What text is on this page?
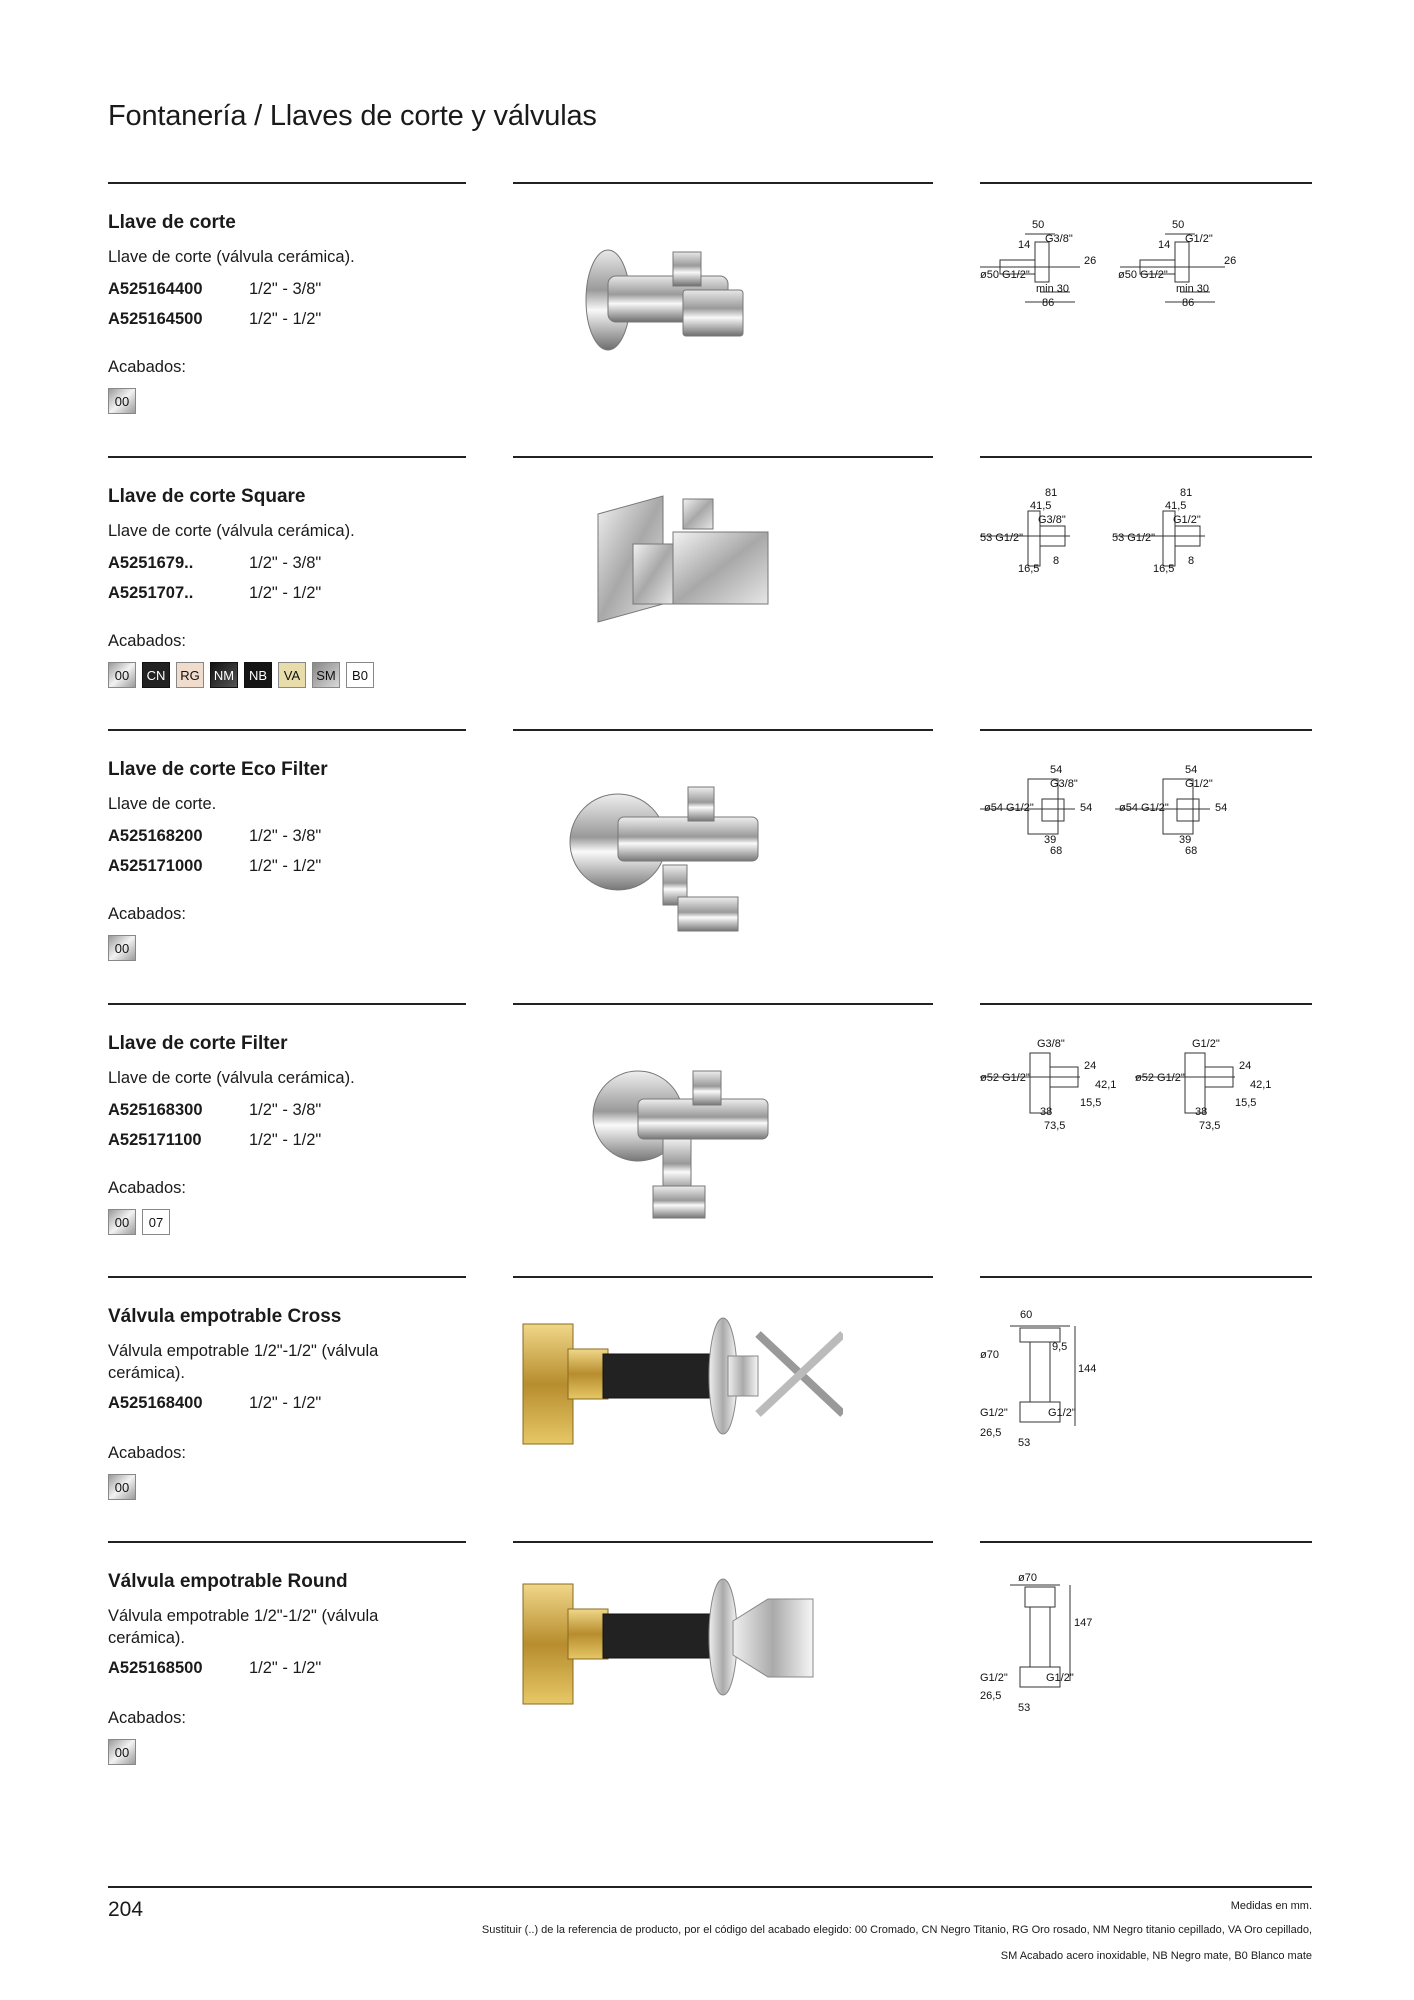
Fontanería / Llaves de corte y válvulas
Llave de corte
Llave de corte (válvula cerámica).
A525164400	1/2" - 3/8"
A525164500	1/2" - 1/2"
Acabados:
00
50
G3/8"
14
26
ø50 G1/2"
min 30
86
50
G1/2"
14
26
ø50 G1/2"
min 30
86
Llave de corte Square
Llave de corte (válvula cerámica).
A5251679..	1/2" - 3/8"
A5251707..	1/2" - 1/2"
Acabados:
00	CN	RG	NM	NB	VA	SM	B0
81
41,5
G3/8"
53 G1/2"
8
16,5
81
41,5
G1/2"
53 G1/2"
8
16,5
Llave de corte Eco Filter
Llave de corte.
A525168200	1/2" - 3/8"
A525171000	1/2" - 1/2"
Acabados:
00
54
G3/8"
ø54 G1/2"	54
39
68
54
G1/2"
ø54 G1/2"	54
39
68
Llave de corte Filter
Llave de corte (válvula cerámica).
A525168300	1/2" - 3/8"
A525171100	1/2" - 1/2"
Acabados:
00	07
G3/8"
24
ø52 G1/2"
42,1
15,5
38
73,5
G1/2"
24
ø52 G1/2"
42,1
15,5
38
73,5
Válvula empotrable Cross
Válvula empotrable 1/2"-1/2" (válvula cerámica).
A525168400	1/2" - 1/2"
Acabados:
00
60
9,5
ø70
144
G1/2"	G1/2"
26,5
53
Válvula empotrable Round
Válvula empotrable 1/2"-1/2" (válvula cerámica).
A525168500	1/2" - 1/2"
Acabados:
00
ø70
147
G1/2"	G1/2"
26,5
53
204	Medidas en mm.
Sustituir (..) de la referencia de producto, por el código del acabado elegido: 00 Cromado, CN Negro Titanio, RG Oro rosado, NM Negro titanio cepillado, VA Oro cepillado,
SM Acabado acero inoxidable, NB Negro mate, B0 Blanco mate
